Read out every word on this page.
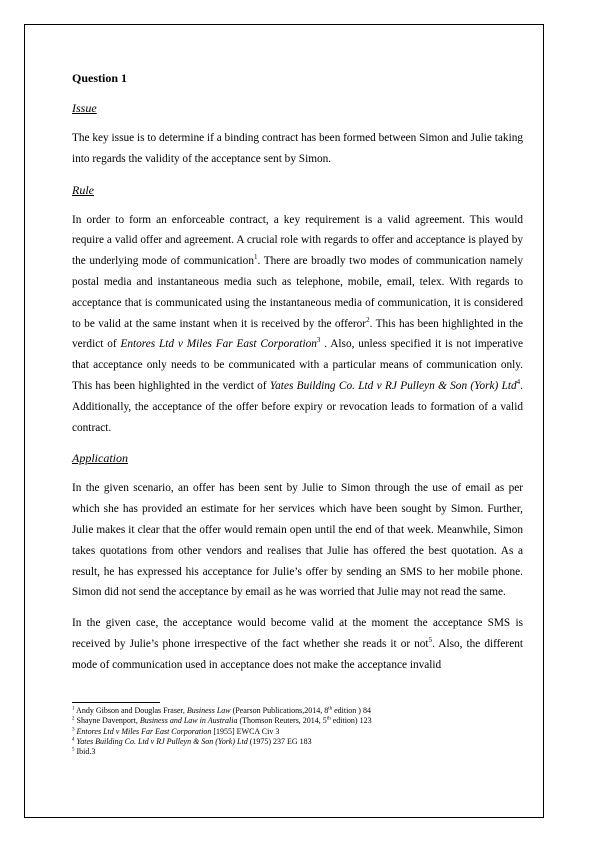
Question 1
Issue

The key issue is to determine if a binding contract has been formed between Simon and Julie taking into regards the validity of the acceptance sent by Simon.

Rule

In order to form an enforceable contract, a key requirement is a valid agreement. This would require a valid offer and agreement. A crucial role with regards to offer and acceptance is played by the underlying mode of communication$^1$. There are broadly two modes of communication namely postal media and instantaneous media such as telephone, mobile, email, telex. With regards to acceptance that is communicated using the instantaneous media of communication, it is considered to be valid at the same instant when it is received by the offeror$^2$. This has been highlighted in the verdict of Entores Ltd v Miles Far East Corporation$^3$ . Also, unless specified it is not imperative that acceptance only needs to be communicated with a particular means of communication only. This has been highlighted in the verdict of Yates Building Co. Ltd v RJ Pulleyn & Son (York) Ltd$^4$. Additionally, the acceptance of the offer before expiry or revocation leads to formation of a valid contract.

Application

In the given scenario, an offer has been sent by Julie to Simon through the use of email as per which she has provided an estimate for her services which have been sought by Simon. Further, Julie makes it clear that the offer would remain open until the end of that week. Meanwhile, Simon takes quotations from other vendors and realises that Julie has offered the best quotation. As a result, he has expressed his acceptance for Julie’s offer by sending an SMS to her mobile phone. Simon did not send the acceptance by email as he was worried that Julie may not read the same.

In the given case, the acceptance would become valid at the moment the acceptance SMS is received by Julie’s phone irrespective of the fact whether she reads it or not$^5$. Also, the different mode of communication used in acceptance does not make the acceptance invalid

$^1$ Andy Gibson and Douglas Fraser, Business Law (Pearson Publications,2014, 8th edition ) 84

$^2$ Shayne Davenport, Business and Law in Australia (Thomson Reuters, 2014, 5th edition) 123

$^3$ Entores Ltd v Miles Far East Corporation [1955] EWCA Civ 3

$^4$ Yates Building Co. Ltd v RJ Pulleyn & Son (York) Ltd (1975) 237 EG 183

$^5$ Ibid.3
